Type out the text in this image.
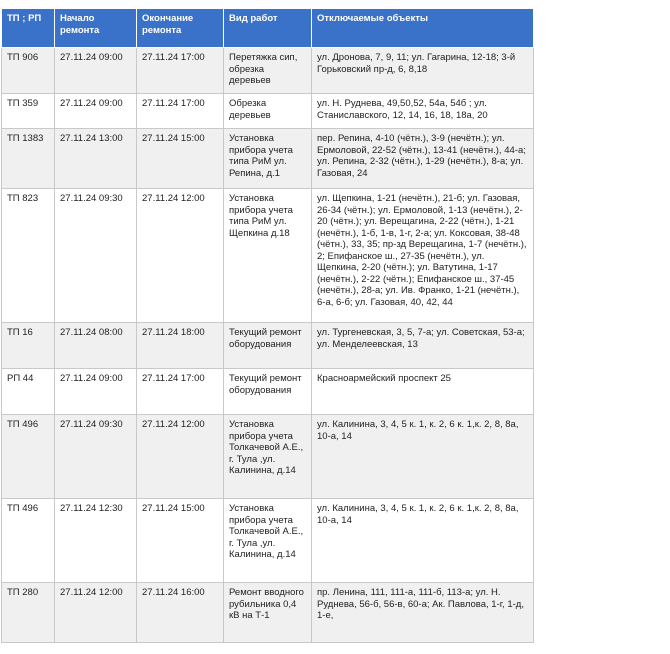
ТП ; РП	Начало ремонта	Окончание ремонта	Вид работ	Отключаемые объекты
ТП 906	27.11.24 09:00	27.11.24 17:00	Перетяжка сип, обрезка деревьев	ул. Дронова, 7, 9, 11; ул. Гагарина, 12-18; 3-й Горьковский пр-д, 6, 8,18
ТП 359	27.11.24 09:00	27.11.24 17:00	Обрезка деревьев	ул. Н. Руднева, 49,50,52, 54а, 54б ; ул. Станиславского, 12, 14, 16, 18, 18а, 20
ТП 1383	27.11.24 13:00	27.11.24 15:00	Установка прибора учета типа РиМ ул. Репина, д.1	пер. Репина, 4-10 (чётн.), 3-9 (нечётн.); ул. Ермоловой, 22-52 (чётн.), 13-41 (нечётн.), 44-а; ул. Репина, 2-32 (чётн.), 1-29 (нечётн.), 8-а; ул. Газовая, 24
ТП 823	27.11.24 09:30	27.11.24 12:00	Установка прибора учета типа РиМ ул. Щепкина д.18	ул. Щепкина, 1-21 (нечётн.), 21-б; ул. Газовая, 26-34 (чётн.); ул. Ермоловой, 1-13 (нечётн.), 2-20 (чётн.); ул. Верещагина, 2-22 (чётн.), 1-21 (нечётн.), 1-б, 1-в, 1-г, 2-а; ул. Коксовая, 38-48 (чётн.), 33, 35; пр-зд Верещагина, 1-7 (нечётн.), 2; Епифанское ш., 27-35 (нечётн.), ул. Щепкина, 2-20 (чётн.); ул. Ватутина, 1-17 (нечётн.), 2-22 (чётн.); Епифанское ш., 37-45 (нечётн.), 28-а; ул. Ив. Франко, 1-21 (нечётн.), 6-а, 6-б; ул. Газовая, 40, 42, 44
ТП 16	27.11.24 08:00	27.11.24 18:00	Текущий ремонт оборудования	ул. Тургеневская, 3, 5, 7-а; ул. Советская, 53-а; ул. Менделеевская, 13
РП 44	27.11.24 09:00	27.11.24 17:00	Текущий ремонт оборудования	Красноармейский проспект 25
ТП 496	27.11.24 09:30	27.11.24 12:00	Установка прибора учета Толкачевой А.Е., г. Тула ,ул. Калинина, д.14	ул. Калинина, 3, 4, 5 к. 1, к. 2, 6 к. 1,к. 2, 8, 8а, 10-а, 14
ТП 496	27.11.24 12:30	27.11.24 15:00	Установка прибора учета Толкачевой А.Е., г. Тула ,ул. Калинина, д.14	ул. Калинина, 3, 4, 5 к. 1, к. 2, 6 к. 1,к. 2, 8, 8а, 10-а, 14
ТП 280	27.11.24 12:00	27.11.24 16:00	Ремонт вводного рубильника 0,4 кВ на Т-1	пр. Ленина, 111, 111-а, 111-б, 113-а; ул. Н. Руднева, 56-б, 56-в, 60-а; Ак. Павлова, 1-г, 1-д, 1-е,
